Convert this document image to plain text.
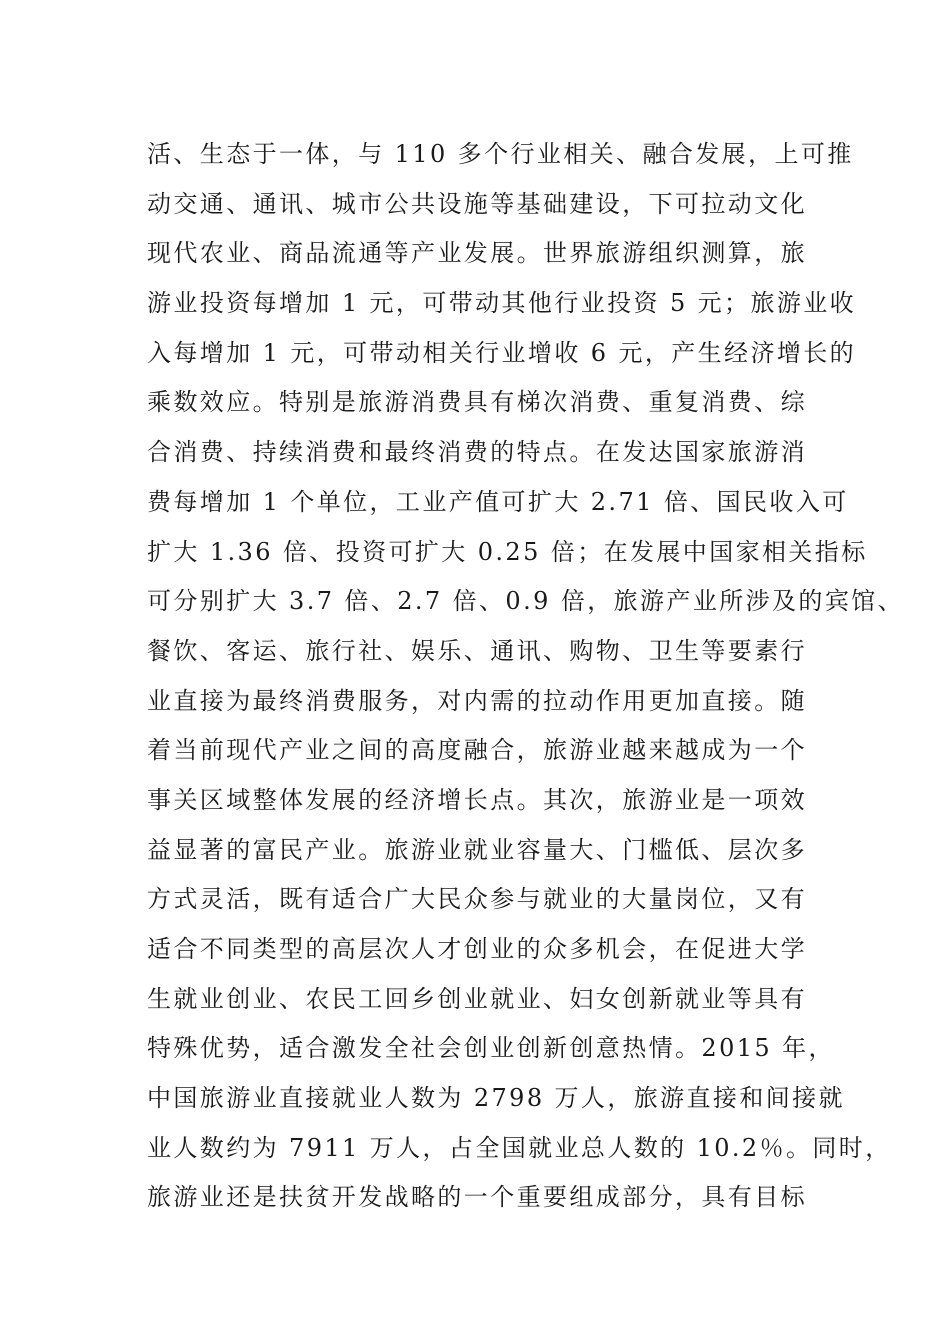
活、生态于一体，与 110 多个行业相关、融合发展，上可推
动交通、通讯、城市公共设施等基础建设，下可拉动文化
现代农业、商品流通等产业发展。世界旅游组织测算，旅
游业投资每增加 1 元，可带动其他行业投资 5 元；旅游业收
入每增加 1 元，可带动相关行业增收 6 元，产生经济增长的
乘数效应。特别是旅游消费具有梯次消费、重复消费、综
合消费、持续消费和最终消费的特点。在发达国家旅游消
费每增加 1 个单位，工业产值可扩大 2.71 倍、国民收入可
扩大 1.36 倍、投资可扩大 0.25 倍；在发展中国家相关指标
可分别扩大 3.7 倍、2.7 倍、0.9 倍，旅游产业所涉及的宾馆、
餐饮、客运、旅行社、娱乐、通讯、购物、卫生等要素行
业直接为最终消费服务，对内需的拉动作用更加直接。随
着当前现代产业之间的高度融合，旅游业越来越成为一个
事关区域整体发展的经济增长点。其次，旅游业是一项效
益显著的富民产业。旅游业就业容量大、门槛低、层次多
方式灵活，既有适合广大民众参与就业的大量岗位，又有
适合不同类型的高层次人才创业的众多机会，在促进大学
生就业创业、农民工回乡创业就业、妇女创新就业等具有
特殊优势，适合激发全社会创业创新创意热情。2015 年，
中国旅游业直接就业人数为 2798 万人，旅游直接和间接就
业人数约为 7911 万人，占全国就业总人数的 10.2％。同时，
旅游业还是扶贫开发战略的一个重要组成部分，具有目标
